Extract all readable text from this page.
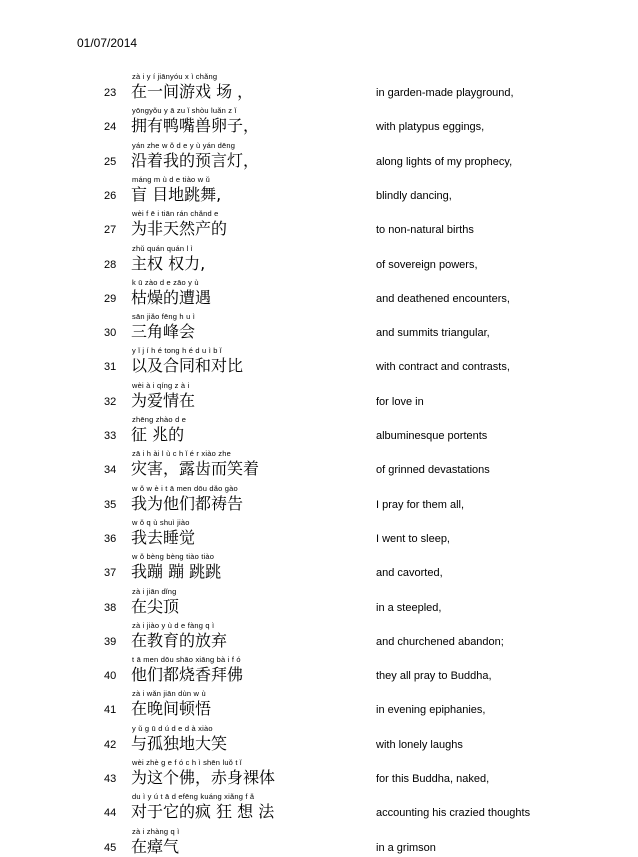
01/07/2014
23
zà i y í jiānyóu x ì chǎng
在一间游戏 场 ，	in garden-made playground,
24
yōngyǒu y ā zu ǐ shòu luǎn z ǐ
拥有鸭嘴兽卵子，	with platypus eggings,
25
yán zhe w ǒ d e y ù yán dēng
沿着我的预言灯，	along lights of my prophecy,
26
máng m ù d e tiào w ǔ
盲 目地跳舞,	blindly dancing,
27
wèi f ē i tiān rán chǎnd e
为非天然产的	to non-natural births
28
zhǔ quán quán l ì
主权 权力,	of sovereign powers,
29
k ū zào d e zāo y ù
枯燥的遭遇	and deathened encounters,
30
sān jiǎo fēng h u ì
三角峰会	and summits triangular,
31
y ǐ j í h é tong h é d u ì b ǐ
以及合同和对比	with contract and contrasts,
32
wèi à i qíng z à i
为爱情在	for love in
33
zhēng zhào d e
征 兆的	albuminesque portents
34
zā i h ài l ù c h ǐ é r xiào zhe
灾害，露齿而笑着	of grinned devastations
35
w ǒ w è i t ā men dōu dǎo gào
我为他们都祷告	I pray for them all,
36
w ǒ q ù shuì jiào
我去睡觉	I went to sleep,
37
w ǒ bèng bèng tiào tiào
我蹦 蹦 跳跳	and cavorted,
38
zà i jiān dǐng
在尖顶	in a steepled,
39
zà i jiào y ù d e fàng q ì
在教育的放弃	and churchened abandon;
40
t ā men dōu shāo xiāng bà i f ó
他们都烧香拜佛	they all pray to Buddha,
41
zà i wǎn jiān dùn w ù
在晚间顿悟	in evening epiphanies,
42
y ǔ g ū d ú d e d à xiào
与孤独地大笑	with lonely laughs
43
wèi zhè g e f ó c h ì shēn luǒ t ǐ
为这个佛，赤身裸体	for this Buddha, naked,
44
du ì y ú t ā d efēng kuáng xiǎng f ǎ
对于它的疯 狂 想 法	accounting his crazied thoughts
45
zà i zhàng q ì
在瘴气	in a grimson
